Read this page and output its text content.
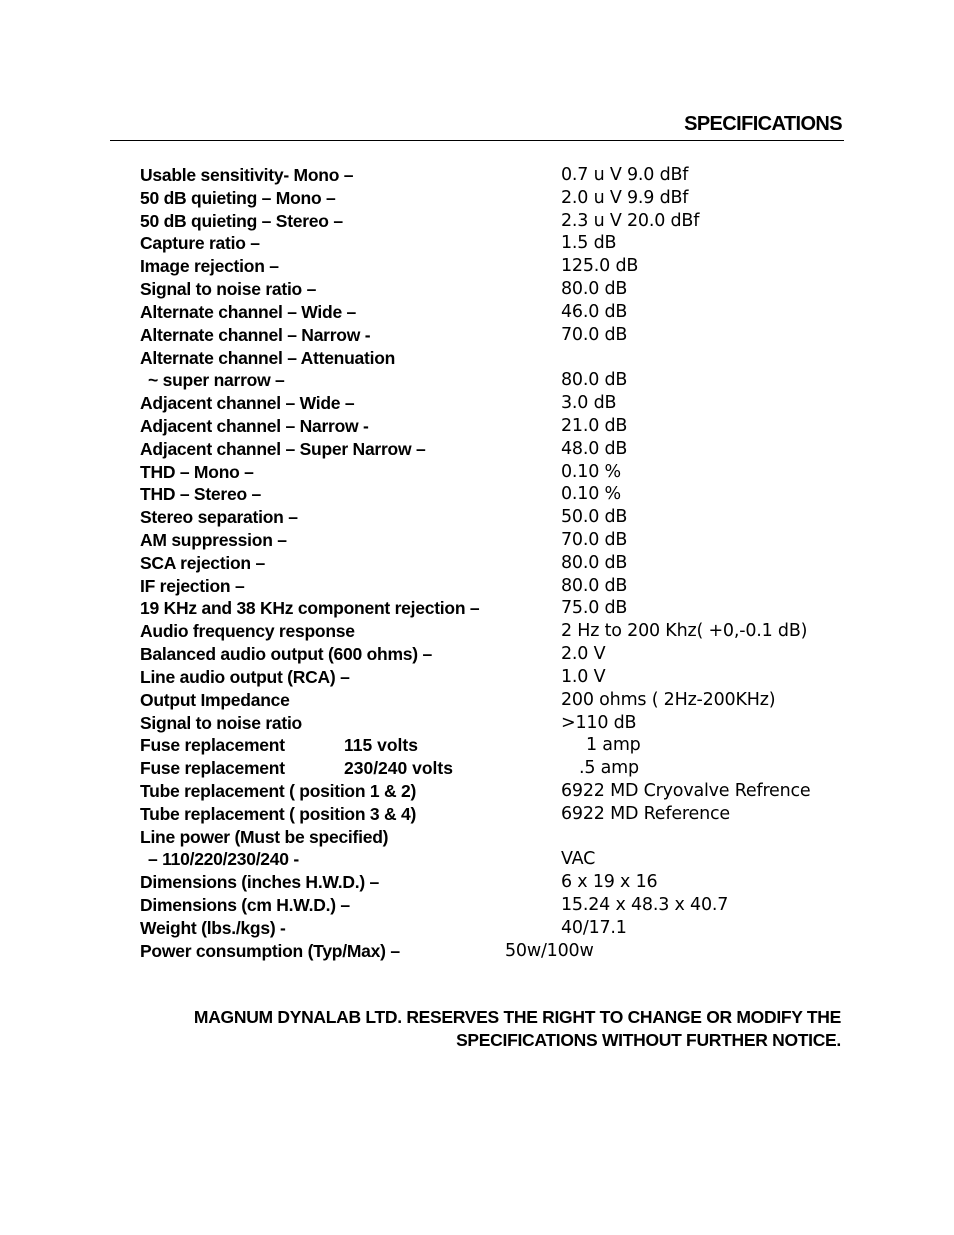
SPECIFICATIONS
Usable sensitivity- Mono –	0.7 u V 9.0 dBf
50 dB quieting – Mono –	2.0 u V 9.9 dBf
50 dB quieting – Stereo –	2.3 u V 20.0 dBf
Capture ratio –	1.5 dB
Image rejection –	125.0 dB
Signal to noise ratio –	80.0 dB
Alternate channel – Wide –	46.0 dB
Alternate channel – Narrow -	70.0 dB
Alternate channel – Attenuation
~ super narrow –	80.0 dB
Adjacent channel – Wide –	3.0 dB
Adjacent channel – Narrow -	21.0 dB
Adjacent channel – Super Narrow –	48.0 dB
THD – Mono –	0.10 %
THD – Stereo –	0.10 %
Stereo separation –	50.0 dB
AM suppression –	70.0 dB
SCA rejection –	80.0 dB
IF rejection –	80.0 dB
19 KHz and 38 KHz component rejection –	75.0 dB
Audio frequency response	2 Hz to 200 Khz( +0,-0.1 dB)
Balanced audio output (600 ohms) –	2.0 V
Line audio output (RCA) –	1.0 V
Output Impedance	200 ohms ( 2Hz-200KHz)
Signal to noise ratio	>110 dB
Fuse replacement	115 volts	1 amp
Fuse replacement	230/240 volts	.5 amp
Tube replacement ( position 1 & 2)	6922 MD Cryovalve Refrence
Tube replacement ( position 3 & 4)	6922 MD Reference
Line power (Must be specified)
– 110/220/230/240 -	VAC
Dimensions (inches H.W.D.) –	6 x 19 x 16
Dimensions (cm H.W.D.) –	15.24 x 48.3 x 40.7
Weight (lbs./kgs) -	40/17.1
Power consumption (Typ/Max) –	50w/100w
MAGNUM DYNALAB LTD. RESERVES THE RIGHT TO CHANGE OR MODIFY THE
SPECIFICATIONS WITHOUT FURTHER NOTICE.
